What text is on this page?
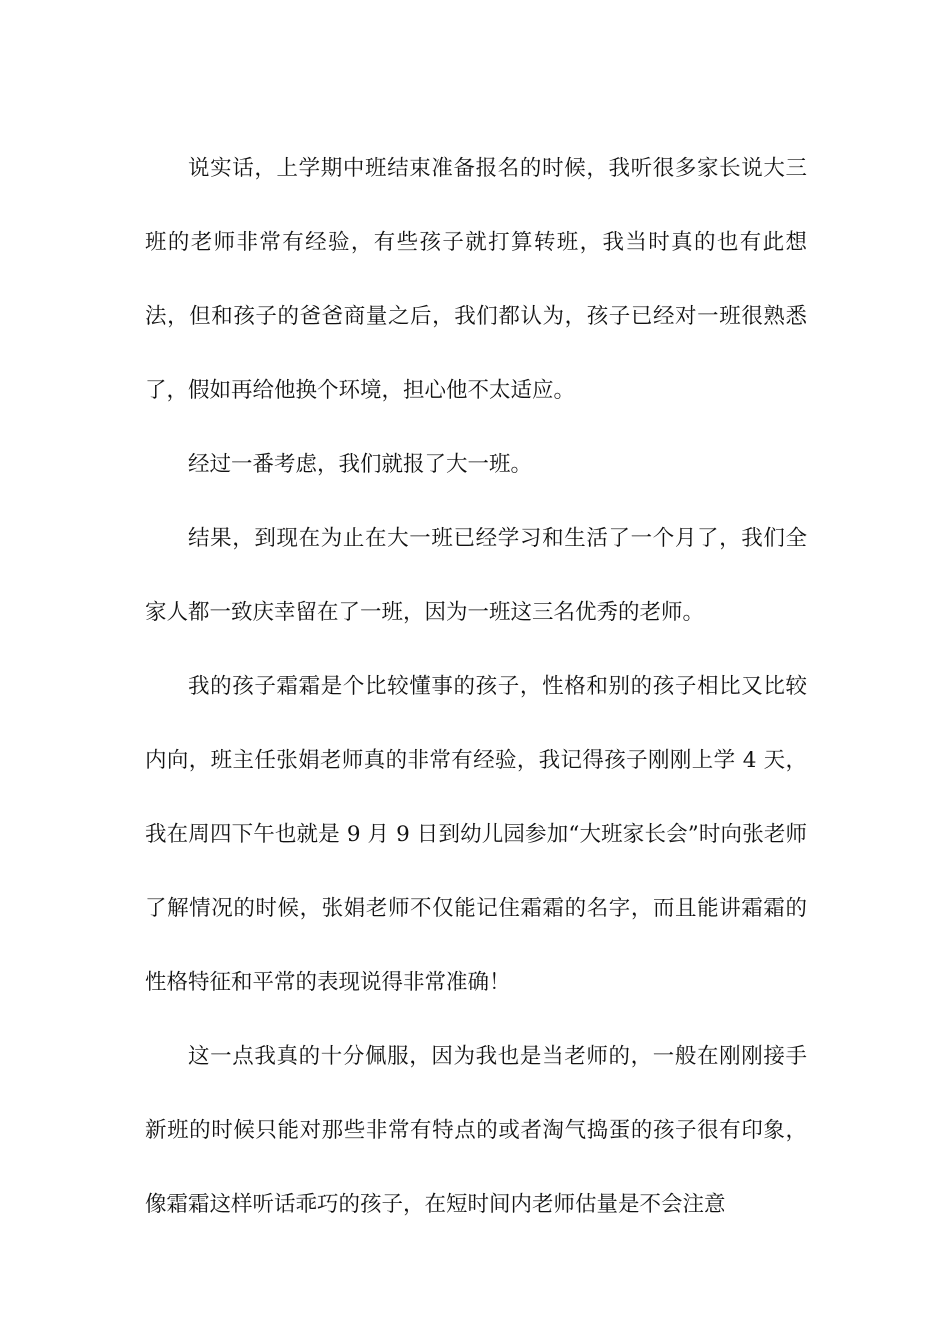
说实话，上学期中班结束准备报名的时候，我听很多家长说大三班的老师非常有经验，有些孩子就打算转班，我当时真的也有此想法，但和孩子的爸爸商量之后，我们都认为，孩子已经对一班很熟悉了，假如再给他换个环境，担心他不太适应。

经过一番考虑，我们就报了大一班。

结果，到现在为止在大一班已经学习和生活了一个月了，我们全家人都一致庆幸留在了一班，因为一班这三名优秀的老师。

我的孩子霜霜是个比较懂事的孩子，性格和别的孩子相比又比较内向，班主任张娟老师真的非常有经验，我记得孩子刚刚上学 4 天，我在周四下午也就是 9 月 9 日到幼儿园参加“大班家长会”时向张老师了解情况的时候，张娟老师不仅能记住霜霜的名字，而且能讲霜霜的性格特征和平常的表现说得非常准确！

这一点我真的十分佩服，因为我也是当老师的，一般在刚刚接手新班的时候只能对那些非常有特点的或者淘气捣蛋的孩子很有印象，像霜霜这样听话乖巧的孩子，在短时间内老师估量是不会注意
